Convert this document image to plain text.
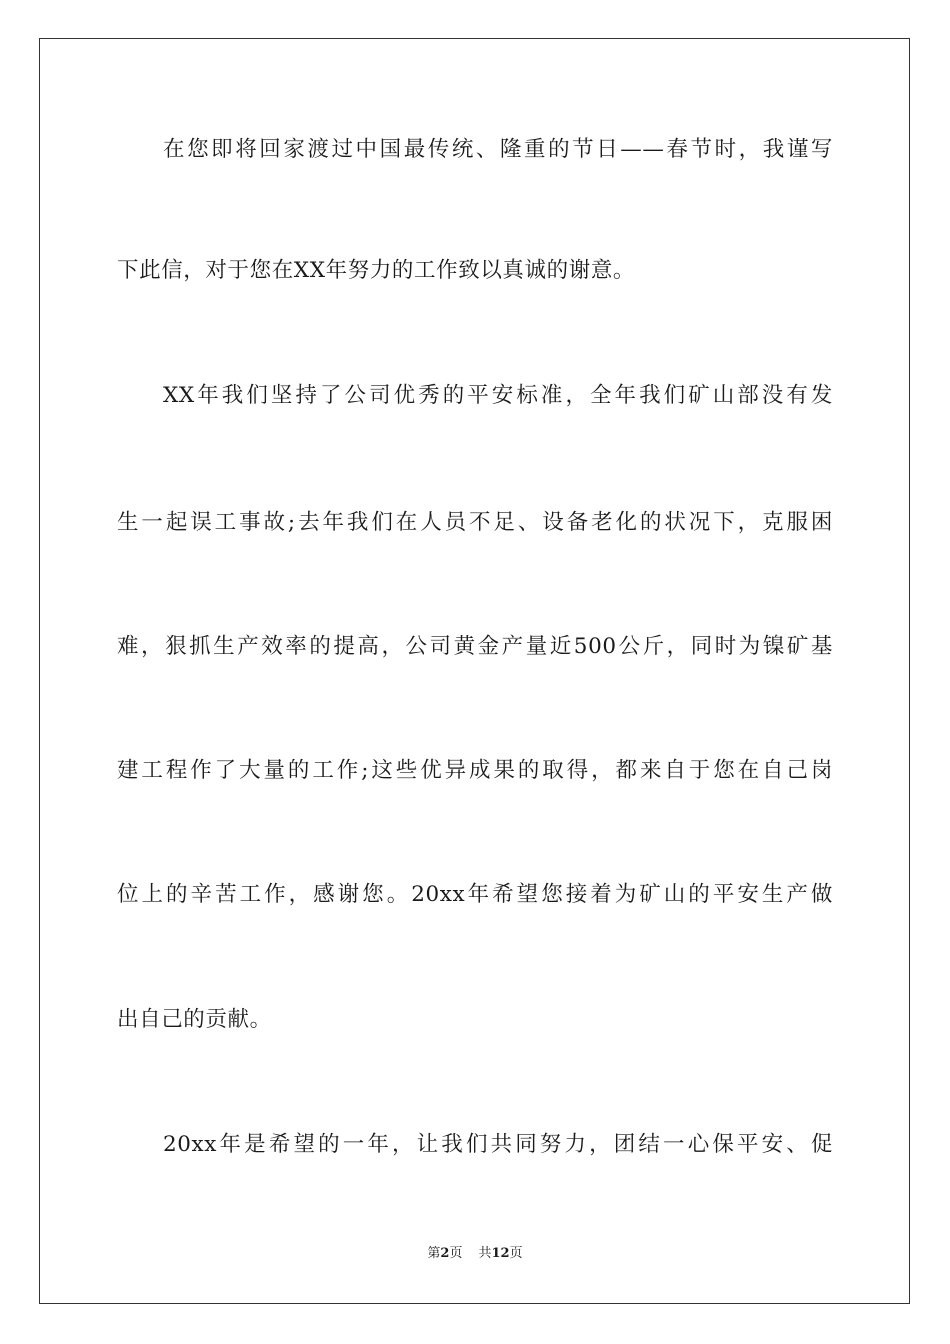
在您即将回家渡过中国最传统、隆重的节日——春节时，我谨写
下此信，对于您在XX年努力的工作致以真诚的谢意。
XX年我们坚持了公司优秀的平安标准，全年我们矿山部没有发
生一起误工事故;去年我们在人员不足、设备老化的状况下，克服困
难，狠抓生产效率的提高，公司黄金产量近500公斤，同时为镍矿基
建工程作了大量的工作;这些优异成果的取得，都来自于您在自己岗
位上的辛苦工作，感谢您。20xx年希望您接着为矿山的平安生产做
出自己的贡献。
20xx年是希望的一年，让我们共同努力，团结一心保平安、促
第2页 共12页
